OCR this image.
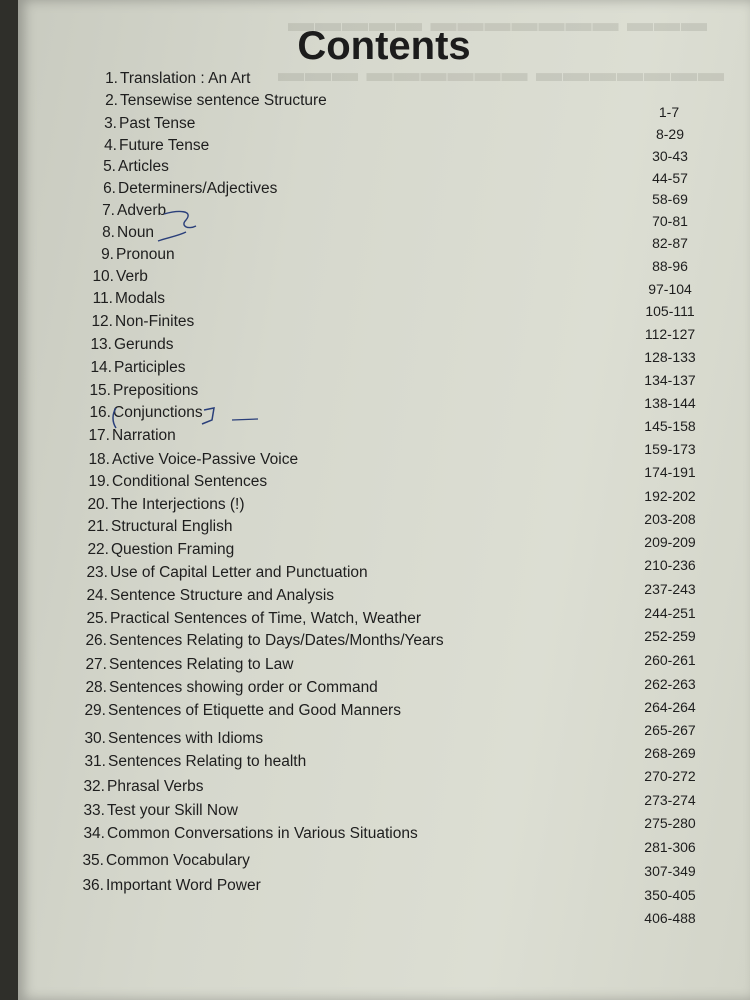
▬▬▬▬▬ ▬▬▬▬▬▬▬ ▬▬▬
▬▬▬ ▬▬▬▬▬▬ ▬▬▬▬▬▬▬
Contents
1. Translation : An Art
2. Tensewise sentence Structure
3. Past Tense
4. Future Tense
5. Articles
6. Determiners/Adjectives
7. Adverb
8. Noun
9. Pronoun
10. Verb
11. Modals
12. Non-Finites
13. Gerunds
14. Participles
15. Prepositions
16. Conjunctions
17. Narration
18. Active Voice-Passive Voice
19. Conditional Sentences
20. The Interjections (!)
21. Structural English
22. Question Framing
23. Use of Capital Letter and Punctuation
24. Sentence Structure and Analysis
25. Practical Sentences of Time, Watch, Weather
26. Sentences Relating to Days/Dates/Months/Years
27. Sentences Relating to Law
28. Sentences showing order or Command
29. Sentences of Etiquette and Good Manners
30. Sentences with Idioms
31. Sentences Relating to health
32. Phrasal Verbs
33. Test your Skill Now
34. Common Conversations in Various Situations
35. Common Vocabulary
36. Important Word Power
1-7
8-29
30-43
44-57
58-69
70-81
82-87
88-96
97-104
105-111
112-127
128-133
134-137
138-144
145-158
159-173
174-191
192-202
203-208
209-209
210-236
237-243
244-251
252-259
260-261
262-263
264-264
265-267
268-269
270-272
273-274
275-280
281-306
307-349
350-405
406-488
